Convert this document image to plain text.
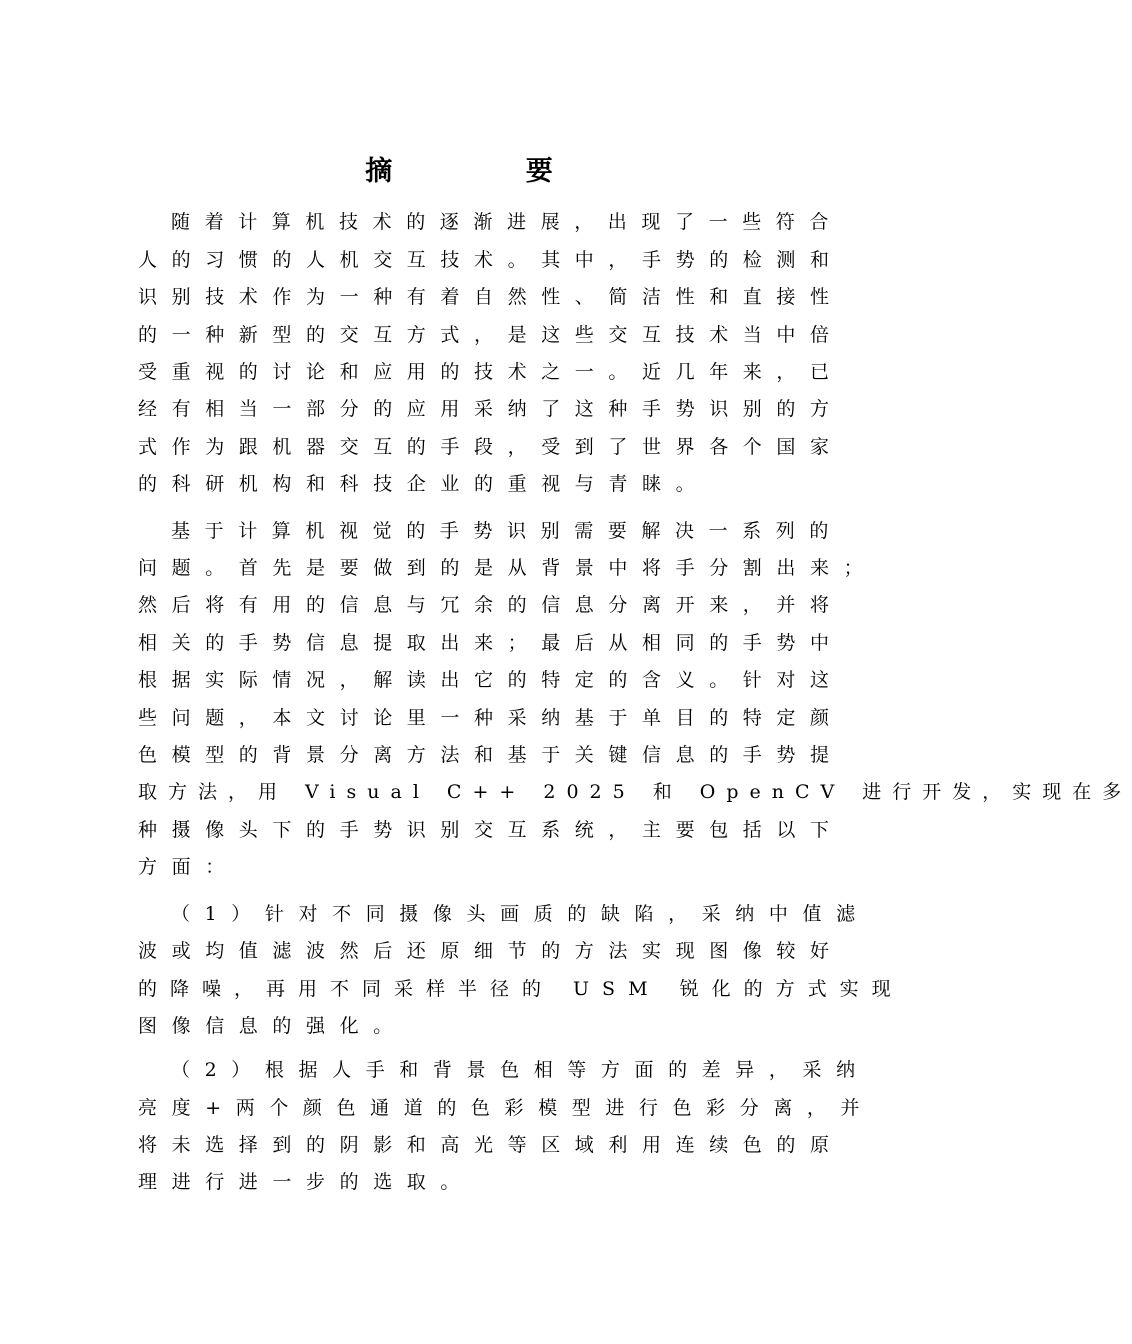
摘 要
随着计算机技术的逐渐进展，出现了一些符合
人的习惯的人机交互技术。其中，手势的检测和
识别技术作为一种有着自然性、简洁性和直接性
的一种新型的交互方式，是这些交互技术当中倍
受重视的讨论和应用的技术之一。近几年来，已
经有相当一部分的应用采纳了这种手势识别的方
式作为跟机器交互的手段，受到了世界各个国家
的科研机构和科技企业的重视与青睐。
基于计算机视觉的手势识别需要解决一系列的
问题。首先是要做到的是从背景中将手分割出来；
然后将有用的信息与冗余的信息分离开来，并将
相关的手势信息提取出来；最后从相同的手势中
根据实际情况，解读出它的特定的含义。针对这
些问题，本文讨论里一种采纳基于单目的特定颜
色模型的背景分离方法和基于关键信息的手势提
取方法，用 Visual C++ 2025 和 OpenCV 进行开发，实现在多
种摄像头下的手势识别交互系统，主要包括以下
方面：
（1）针对不同摄像头画质的缺陷，采纳中值滤
波或均值滤波然后还原细节的方法实现图像较好
的降噪，再用不同采样半径的 USM 锐化的方式实现
图像信息的强化。
（2）根据人手和背景色相等方面的差异，采纳
亮度+两个颜色通道的色彩模型进行色彩分离，并
将未选择到的阴影和高光等区域利用连续色的原
理进行进一步的选取。
